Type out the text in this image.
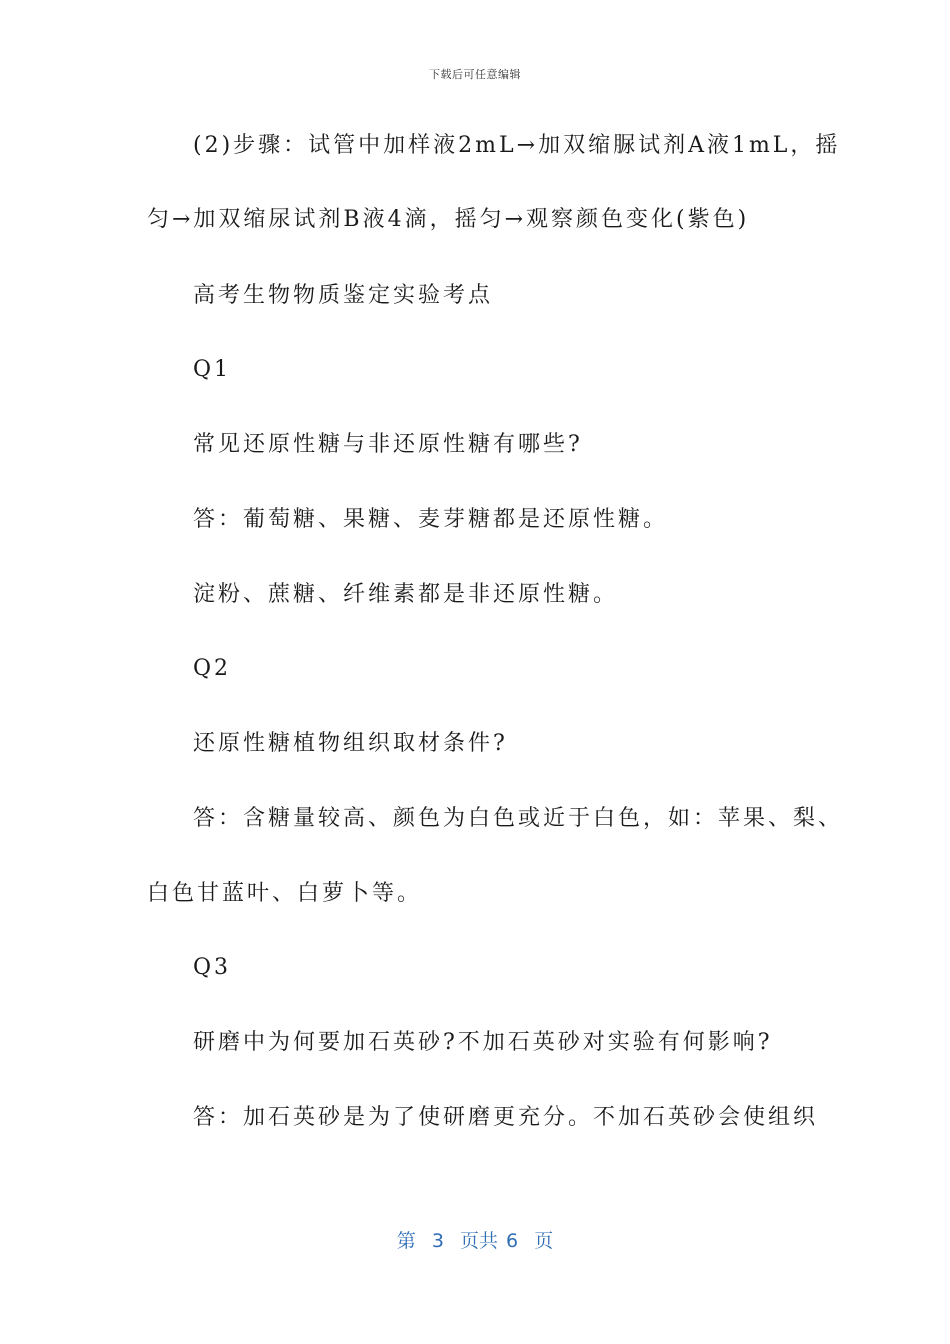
下载后可任意编辑
(2)步骤：试管中加样液2mL→加双缩脲试剂A液1mL，摇
匀→加双缩尿试剂B液4滴，摇匀→观察颜色变化(紫色)
高考生物物质鉴定实验考点
Q1
常见还原性糖与非还原性糖有哪些?
答：葡萄糖、果糖、麦芽糖都是还原性糖。
淀粉、蔗糖、纤维素都是非还原性糖。
Q2
还原性糖植物组织取材条件?
答：含糖量较高、颜色为白色或近于白色，如：苹果、梨、
白色甘蓝叶、白萝卜等。
Q3
研磨中为何要加石英砂?不加石英砂对实验有何影响?
答：加石英砂是为了使研磨更充分。不加石英砂会使组织
第  3  页共 6  页
